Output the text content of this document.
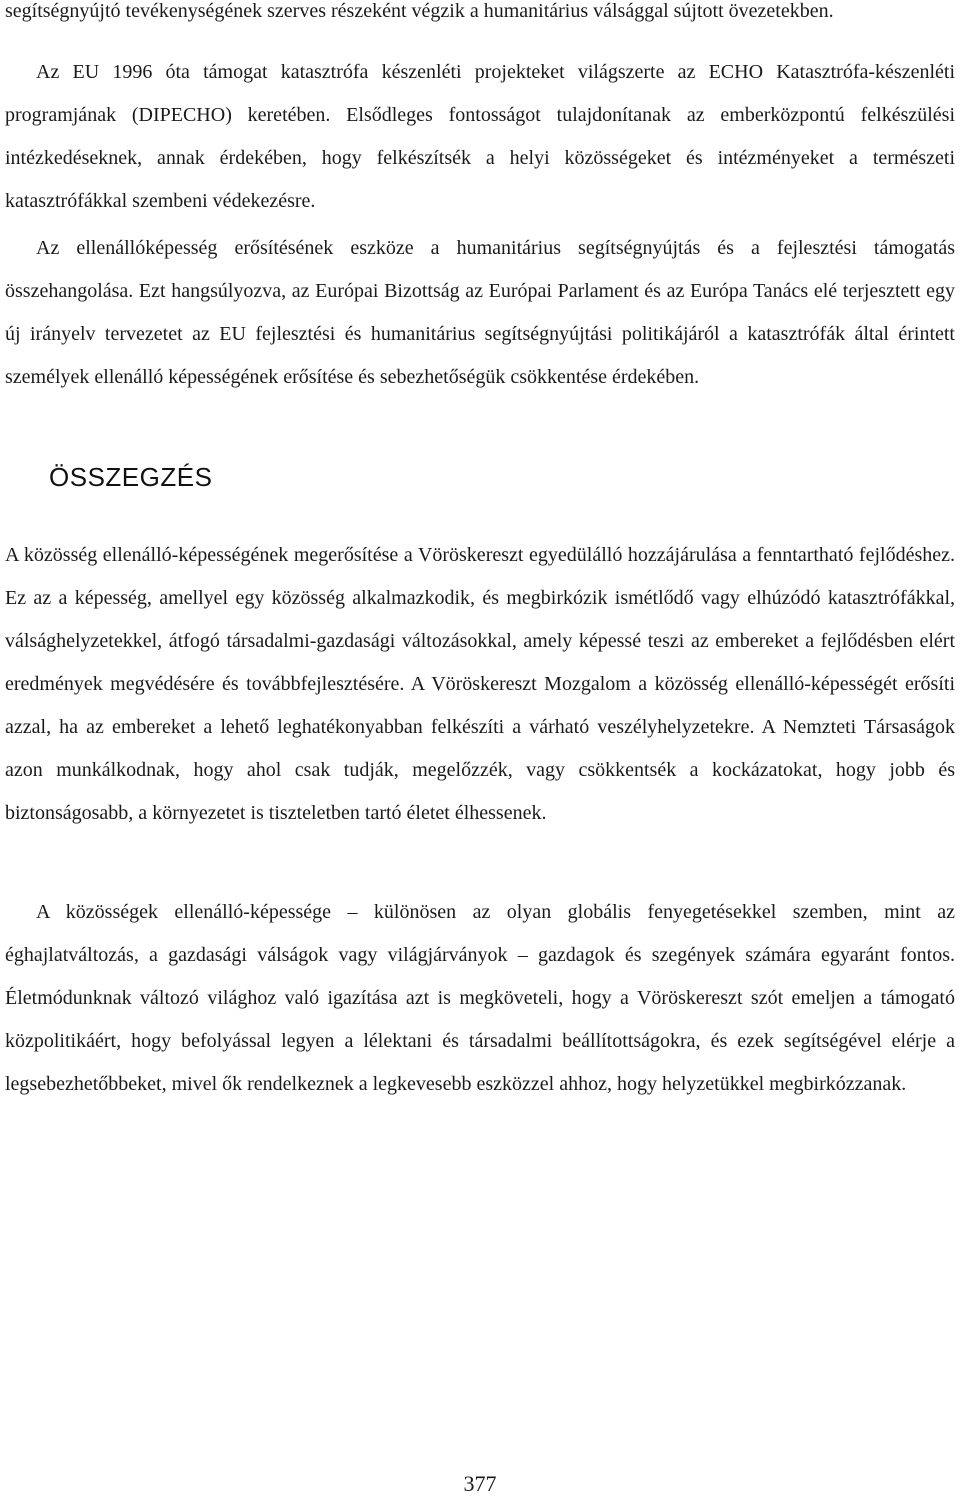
segítségnyújtó tevékenységének szerves részeként végzik a humanitárius válsággal sújtott övezetekben.

Az EU 1996 óta támogat katasztrófa készenléti projekteket világszerte az ECHO Katasztrófa-készenléti programjának (DIPECHO) keretében. Elsődleges fontosságot tulajdonítanak az emberközpontú felkészülési intézkedéseknek, annak érdekében, hogy felkészítsék a helyi közösségeket és intézményeket a természeti katasztrófákkal szembeni védekezésre.

Az ellenállóképesség erősítésének eszköze a humanitárius segítségnyújtás és a fejlesztési támogatás összehangolása. Ezt hangsúlyozva, az Európai Bizottság az Európai Parlament és az Európa Tanács elé terjesztett egy új irányelv tervezetet az EU fejlesztési és humanitárius segítségnyújtási politikájáról a katasztrófák által érintett személyek ellenálló képességének erősítése és sebezhetőségük csökkentése érdekében.

ÖSSZEGZÉS

A közösség ellenálló-képességének megerősítése a Vöröskereszt egyedülálló hozzájárulása a fenntartható fejlődéshez. Ez az a képesség, amellyel egy közösség alkalmazkodik, és megbirkózik ismétlődő vagy elhúzódó katasztrófákkal, válsághelyzetekkel, átfogó társadalmi-gazdasági változásokkal, amely képessé teszi az embereket a fejlődésben elért eredmények megvédésére és továbbfejlesztésére. A Vöröskereszt Mozgalom a közösség ellenálló-képességét erősíti azzal, ha az embereket a lehető leghatékonyabban felkészíti a várható veszélyhelyzetekre. A Nemzteti Társaságok azon munkálkodnak, hogy ahol csak tudják, megelőzzék, vagy csökkentsék a kockázatokat, hogy jobb és biztonságosabb, a környezetet is tiszteletben tartó életet élhessenek.

A közösségek ellenálló-képessége – különösen az olyan globális fenyegetésekkel szemben, mint az éghajlatváltozás, a gazdasági válságok vagy világjárványok – gazdagok és szegények számára egyaránt fontos. Életmódunknak változó világhoz való igazítása azt is megköveteli, hogy a Vöröskereszt szót emeljen a támogató közpolitikáért, hogy befolyással legyen a lélektani és társadalmi beállítottságokra, és ezek segítségével elérje a legsebezhetőbbeket, mivel ők rendelkeznek a legkevesebb eszközzel ahhoz, hogy helyzetükkel megbirkózzanak.

377
